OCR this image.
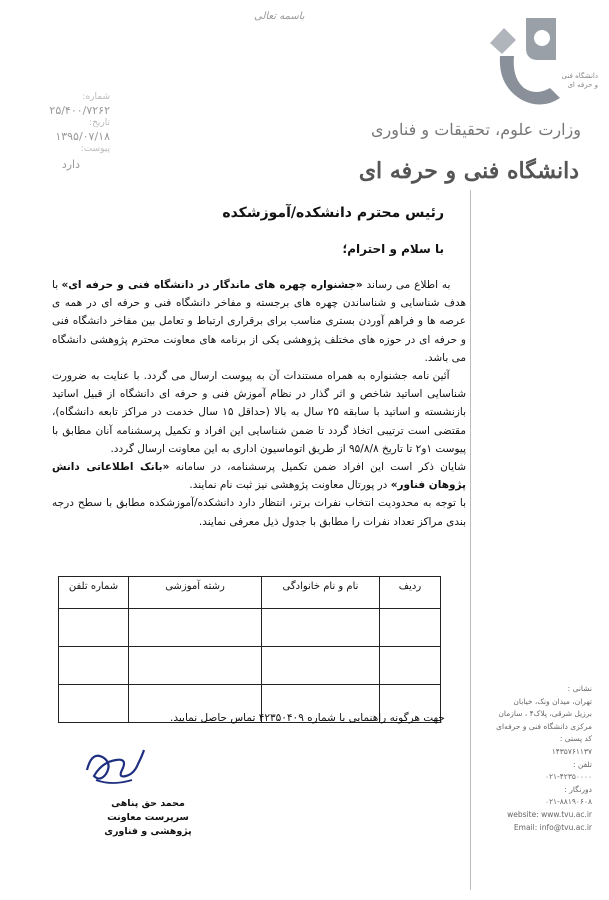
دانشگاه فنی و حرفه ای
وزارت علوم، تحقیقات و فناوری
دانشگاه فنی و حرفه ای
باسمه تعالی
شماره:
۲۵/۴۰۰/۷۲۶۲
تاریخ:
۱۳۹۵/۰۷/۱۸
پیوست:
دارد
رئیس محترم دانشکده/آموزشکده
با سلام و احترام؛

به اطلاع می رساند «جشنواره چهره های ماندگار در دانشگاه فنی و حرفه ای» با هدف شناسایی و شناساندن چهره های برجسته و مفاخر دانشگاه فنی و حرفه ای در همه ی عرصه ها و فراهم آوردن بستری مناسب برای برقراری ارتباط و تعامل بین مفاخر دانشگاه فنی و حرفه ای در حوزه های مختلف پژوهشی یکی از برنامه های معاونت محترم پژوهشی دانشگاه می باشد.

آئین نامه جشنواره به همراه مستندات آن به پیوست ارسال می گردد. با عنایت به ضرورت شناسایی اساتید شاخص و اثر گذار در نظام آموزش فنی و حرفه ای دانشگاه از قبیل اساتید بازنشسته و اساتید با سابقه ۲۵ سال به بالا (حداقل ۱۵ سال خدمت در مراکز تابعه دانشگاه)، مقتضی است ترتیبی اتخاذ گردد تا ضمن شناسایی این افراد و تکمیل پرسشنامه آنان مطابق با پیوست ۱و۲ تا تاریخ ۹۵/۸/۸ از طریق اتوماسیون اداری به این معاونت ارسال گردد.

شایان ذکر است این افراد ضمن تکمیل پرسشنامه، در سامانه «بانک اطلاعاتی دانش پژوهان فناور» در پورتال معاونت پژوهشی نیز ثبت نام نمایند.

با توجه به محدودیت انتخاب نفرات برتر، انتظار دارد دانشکده/آموزشکده مطابق با سطح درجه بندی مراکز تعداد نفرات را مطابق با جدول ذیل معرفی نمایند.

ردیف	نام و نام خانوادگی	رشته آموزشی	شماره تلفن

جهت هرگونه راهنمایی با شماره ۴۲۳۵۰۴۰۹ تماس حاصل نمایید.
محمد حق پناهی
سرپرست معاونت پژوهشی و فناوری
نشانی :
تهران، میدان ونک، خیابان
برزیل شرقی، پلاک۴ ، سازمان
مرکزی دانشگاه فنی و حرفه‌ای
کد پستی :
۱۴۳۵۷۶۱۱۳۷
تلفن :
۰۲۱-۴۲۳۵۰۰۰۰
دورنگار :
۰۲۱-۸۸۱۹۰۶۰۸
website: www.tvu.ac.ir
Email: info@tvu.ac.ir
